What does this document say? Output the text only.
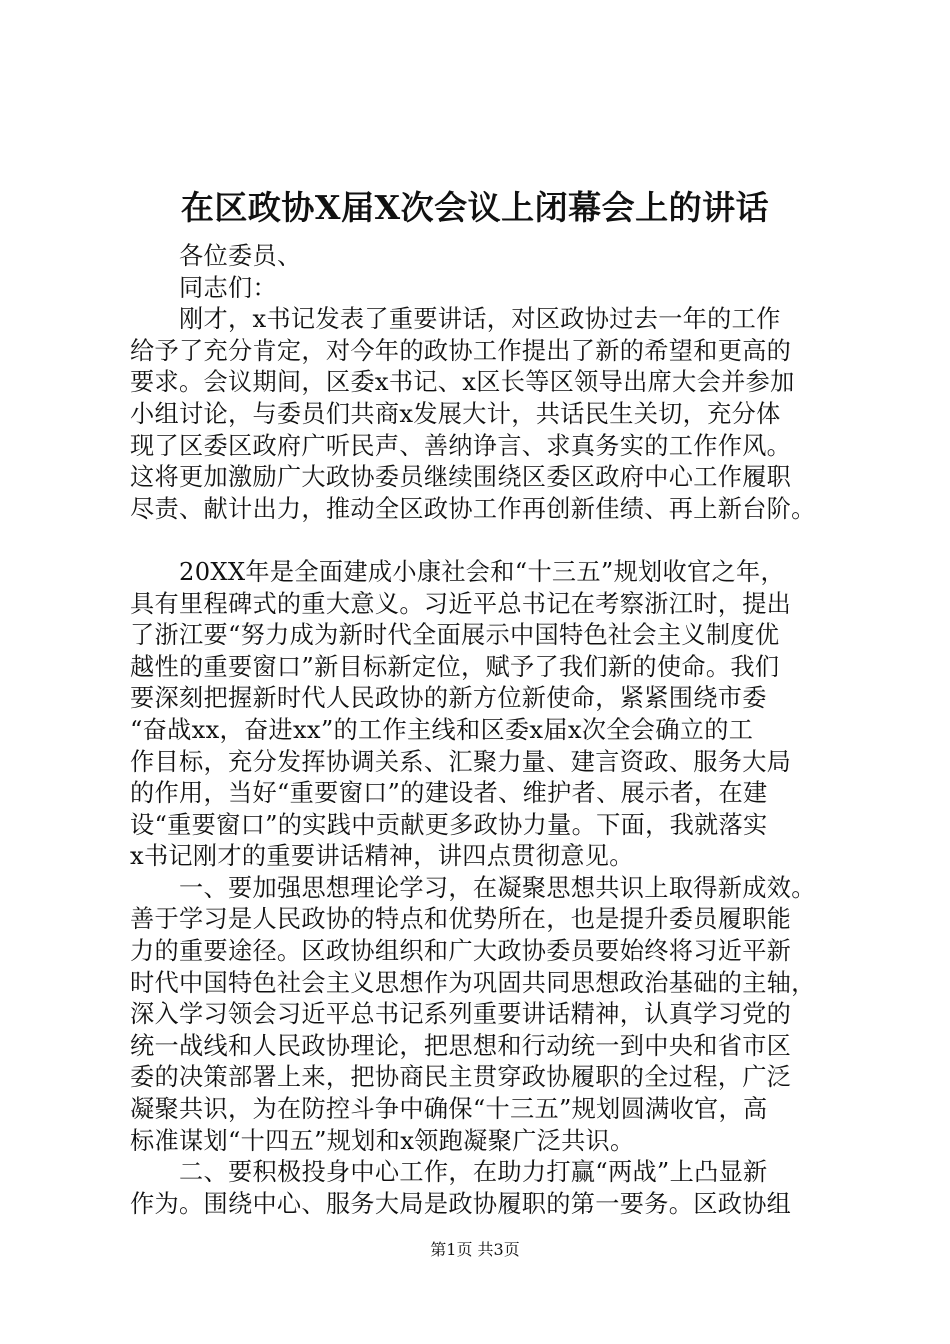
在区政协X届X次会议上闭幕会上的讲话
各位委员、
同志们：
刚才，x书记发表了重要讲话，对区政协过去一年的工作
给予了充分肯定，对今年的政协工作提出了新的希望和更高的
要求。会议期间，区委x书记、x区长等区领导出席大会并参加
小组讨论，与委员们共商x发展大计，共话民生关切，充分体
现了区委区政府广听民声、善纳诤言、求真务实的工作作风。
这将更加激励广大政协委员继续围绕区委区政府中心工作履职
尽责、献计出力，推动全区政协工作再创新佳绩、再上新台阶。
20XX年是全面建成小康社会和“十三五”规划收官之年，
具有里程碑式的重大意义。习近平总书记在考察浙江时，提出
了浙江要“努力成为新时代全面展示中国特色社会主义制度优
越性的重要窗口”新目标新定位，赋予了我们新的使命。我们
要深刻把握新时代人民政协的新方位新使命，紧紧围绕市委
“奋战xx，奋进xx”的工作主线和区委x届x次全会确立的工
作目标，充分发挥协调关系、汇聚力量、建言资政、服务大局
的作用，当好“重要窗口”的建设者、维护者、展示者，在建
设“重要窗口”的实践中贡献更多政协力量。下面，我就落实
x书记刚才的重要讲话精神，讲四点贯彻意见。
一、要加强思想理论学习，在凝聚思想共识上取得新成效。
善于学习是人民政协的特点和优势所在，也是提升委员履职能
力的重要途径。区政协组织和广大政协委员要始终将习近平新
时代中国特色社会主义思想作为巩固共同思想政治基础的主轴，
深入学习领会习近平总书记系列重要讲话精神，认真学习党的
统一战线和人民政协理论，把思想和行动统一到中央和省市区
委的决策部署上来，把协商民主贯穿政协履职的全过程，广泛
凝聚共识，为在防控斗争中确保“十三五”规划圆满收官，高
标准谋划“十四五”规划和x领跑凝聚广泛共识。
二、要积极投身中心工作，在助力打赢“两战”上凸显新
作为。围绕中心、服务大局是政协履职的第一要务。区政协组
第1页 共3页
